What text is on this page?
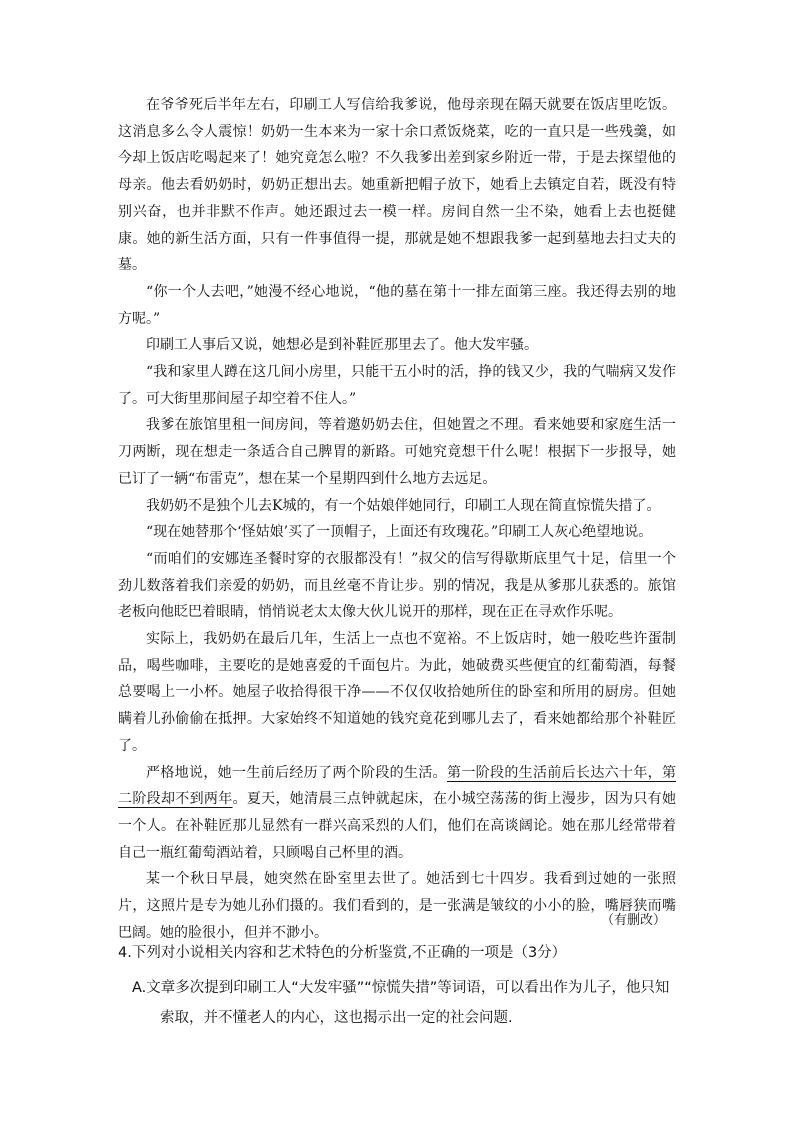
在爷爷死后半年左右，印刷工人写信给我爹说，他母亲现在隔天就要在饭店里吃饭。这消息多么令人震惊！奶奶一生本来为一家十余口煮饭烧菜，吃的一直只是一些残羹，如今却上饭店吃喝起来了！她究竟怎么啦？不久我爹出差到家乡附近一带，于是去探望他的母亲。他去看奶奶时，奶奶正想出去。她重新把帽子放下，她看上去镇定自若，既没有特别兴奋，也并非默不作声。她还跟过去一模一样。房间自然一尘不染，她看上去也挺健康。她的新生活方面，只有一件事值得一提，那就是她不想跟我爹一起到墓地去扫丈夫的墓。

“你一个人去吧，”她漫不经心地说，“他的墓在第十一排左面第三座。我还得去别的地方呢。”

印刷工人事后又说，她想必是到补鞋匠那里去了。他大发牢骚。

“我和家里人蹲在这几间小房里，只能干五小时的活，挣的钱又少，我的气喘病又发作了。可大街里那间屋子却空着不住人。”

我爹在旅馆里租一间房间，等着邀奶奶去住，但她置之不理。看来她要和家庭生活一刀两断，现在想走一条适合自己脾胃的新路。可她究竟想干什么呢！根据下一步报导，她已订了一辆“布雷克”，想在某一个星期四到什么地方去远足。

我奶奶不是独个儿去K城的，有一个姑娘伴她同行，印刷工人现在简直惊慌失措了。

“现在她替那个‘怪姑娘’买了一顶帽子，上面还有玫瑰花。”印刷工人灰心绝望地说。

“而咱们的安娜连圣餐时穿的衣服都没有！”叔父的信写得歇斯底里气十足，信里一个劲儿数落着我们亲爱的奶奶，而且丝毫不肯让步。别的情况，我是从爹那儿获悉的。旅馆老板向他眨巴着眼睛，悄悄说老太太像大伙儿说开的那样，现在正在寻欢作乐呢。

实际上，我奶奶在最后几年，生活上一点也不宽裕。不上饭店时，她一般吃些许蛋制品，喝些咖啡，主要吃的是她喜爱的千面包片。为此，她破费买些便宜的红葡萄酒，每餐总要喝上一小杯。她屋子收拾得很干净——不仅仅收拾她所住的卧室和所用的厨房。但她瞒着儿孙偷偷在抵押。大家始终不知道她的钱究竟花到哪儿去了，看来她都给那个补鞋匠了。

严格地说，她一生前后经历了两个阶段的生活。第一阶段的生活前后长达六十年，第二阶段却不到两年。夏天，她清晨三点钟就起床，在小城空荡荡的街上漫步，因为只有她一个人。在补鞋匠那儿显然有一群兴高采烈的人们，他们在高谈阔论。她在那儿经常带着自己一瓶红葡萄酒站着，只顾喝自己杯里的酒。

某一个秋日早晨，她突然在卧室里去世了。她活到七十四岁。我看到过她的一张照片，这照片是专为她儿孙们摄的。我们看到的，是一张满是皱纹的小小的脸，嘴唇狭而嘴巴阔。她的脸很小，但并不渺小。

（有删改）

4.下列对小说相关内容和艺术特色的分析鉴赏,不正确的一项是（3分）

A.文章多次提到印刷工人“大发牢骚”“惊慌失措”等词语，可以看出作为儿子，他只知索取，并不懂老人的内心，这也揭示出一定的社会问题.
